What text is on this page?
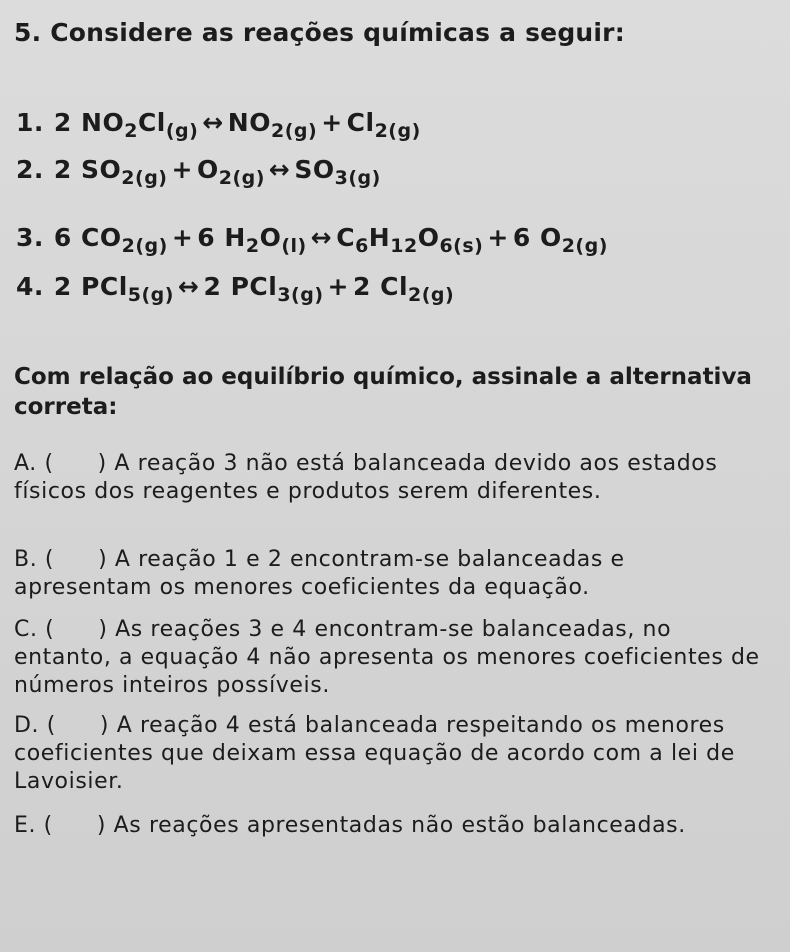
5. Considere as reações químicas a seguir:
1. 2 $NO_2Cl_{(g)}$ ↔ $NO_{2(g)} + Cl_{2(g)}$
2. 2 $SO_{2(g)} + O_{2(g)}$ ↔ $SO_{3(g)}$
3. 6 $CO_{2(g)} + 6$ $H_2O_{(l)}$ ↔ $C_6H_{12}O_{6(s)} + 6$ $O_{2(g)}$
4. 2 PCl$_{5(g)}$ ↔ 2 PCl$_{3(g)}$ + 2 $Cl_{2(g)}$
Com relação ao equilíbrio químico, assinale a alternativa correta:
A. ( ) A reação 3 não está balanceada devido aos estados físicos dos reagentes e produtos serem diferentes.
B. ( ) A reação 1 e 2 encontram-se balanceadas e apresentam os menores coeficientes da equação.
C. ( ) As reações 3 e 4 encontram-se balanceadas, no entanto, a equação 4 não apresenta os menores coeficientes de números inteiros possíveis.
D. ( ) A reação 4 está balanceada respeitando os menores coeficientes que deixam essa equação de acordo com a lei de Lavoisier.
E. ( ) As reações apresentadas não estão balanceadas.
